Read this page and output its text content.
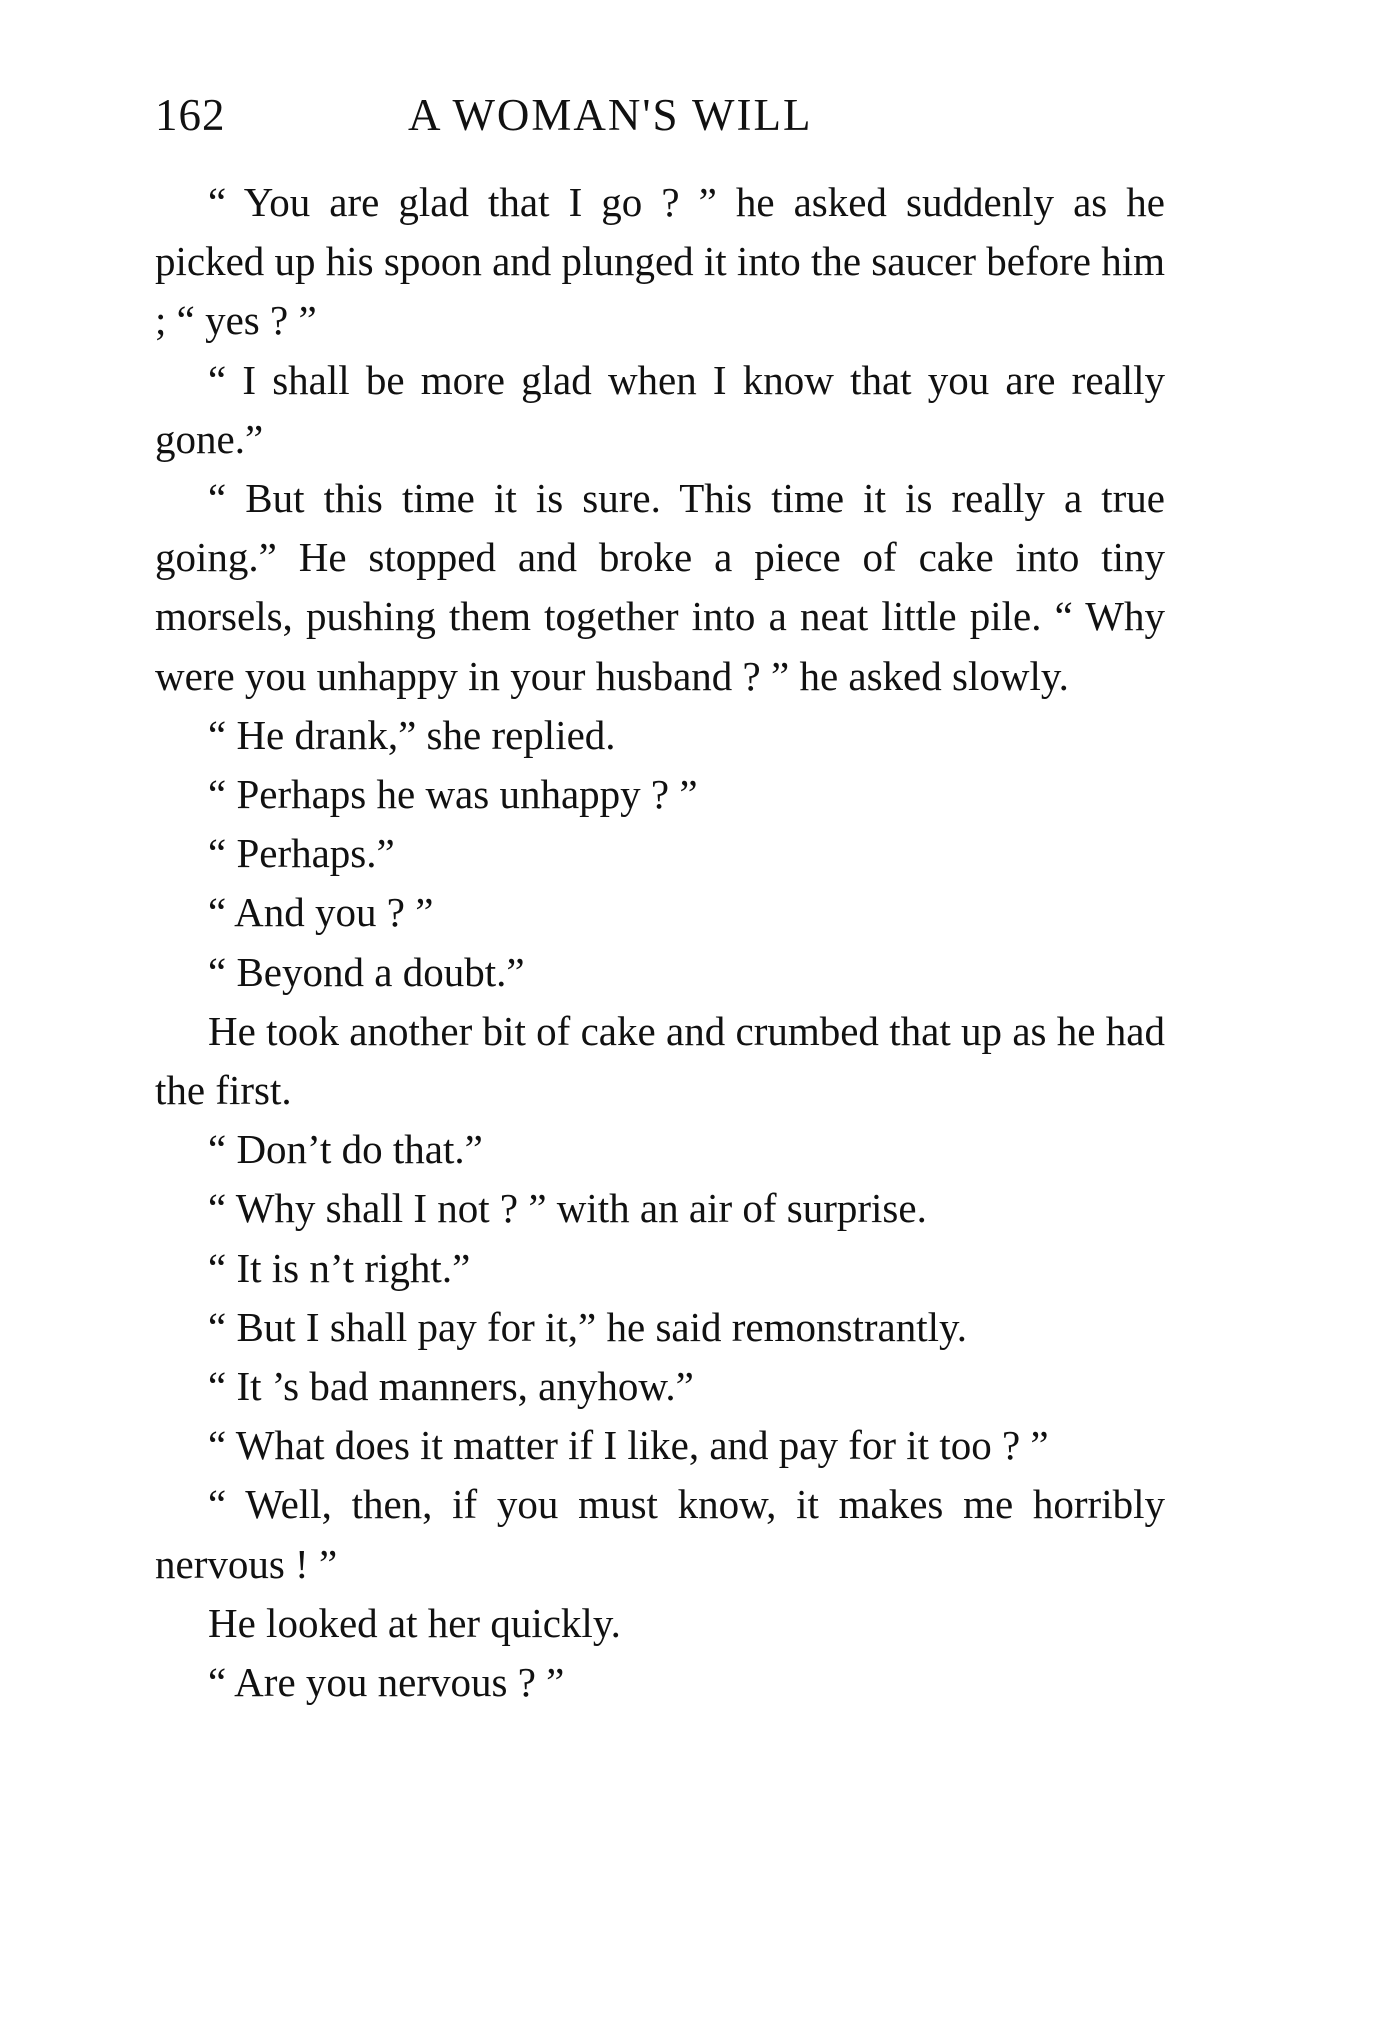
162	A WOMAN'S WILL

“ You are glad that I go ? ” he asked suddenly as he picked up his spoon and plunged it into the saucer before him ; “ yes ? ”

“ I shall be more glad when I know that you are really gone.”

“ But this time it is sure. This time it is really a true going.” He stopped and broke a piece of cake into tiny morsels, pushing them together into a neat little pile. “ Why were you unhappy in your husband ? ” he asked slowly.

“ He drank,” she replied.

“ Perhaps he was unhappy ? ”

“ Perhaps.”

“ And you ? ”

“ Beyond a doubt.”

He took another bit of cake and crumbed that up as he had the first.

“ Don’t do that.”

“ Why shall I not ? ” with an air of surprise.

“ It is n’t right.”

“ But I shall pay for it,” he said remonstrantly.

“ It ’s bad manners, anyhow.”

“ What does it matter if I like, and pay for it too ? ”

“ Well, then, if you must know, it makes me horribly nervous ! ”

He looked at her quickly.

“ Are you nervous ? ”
